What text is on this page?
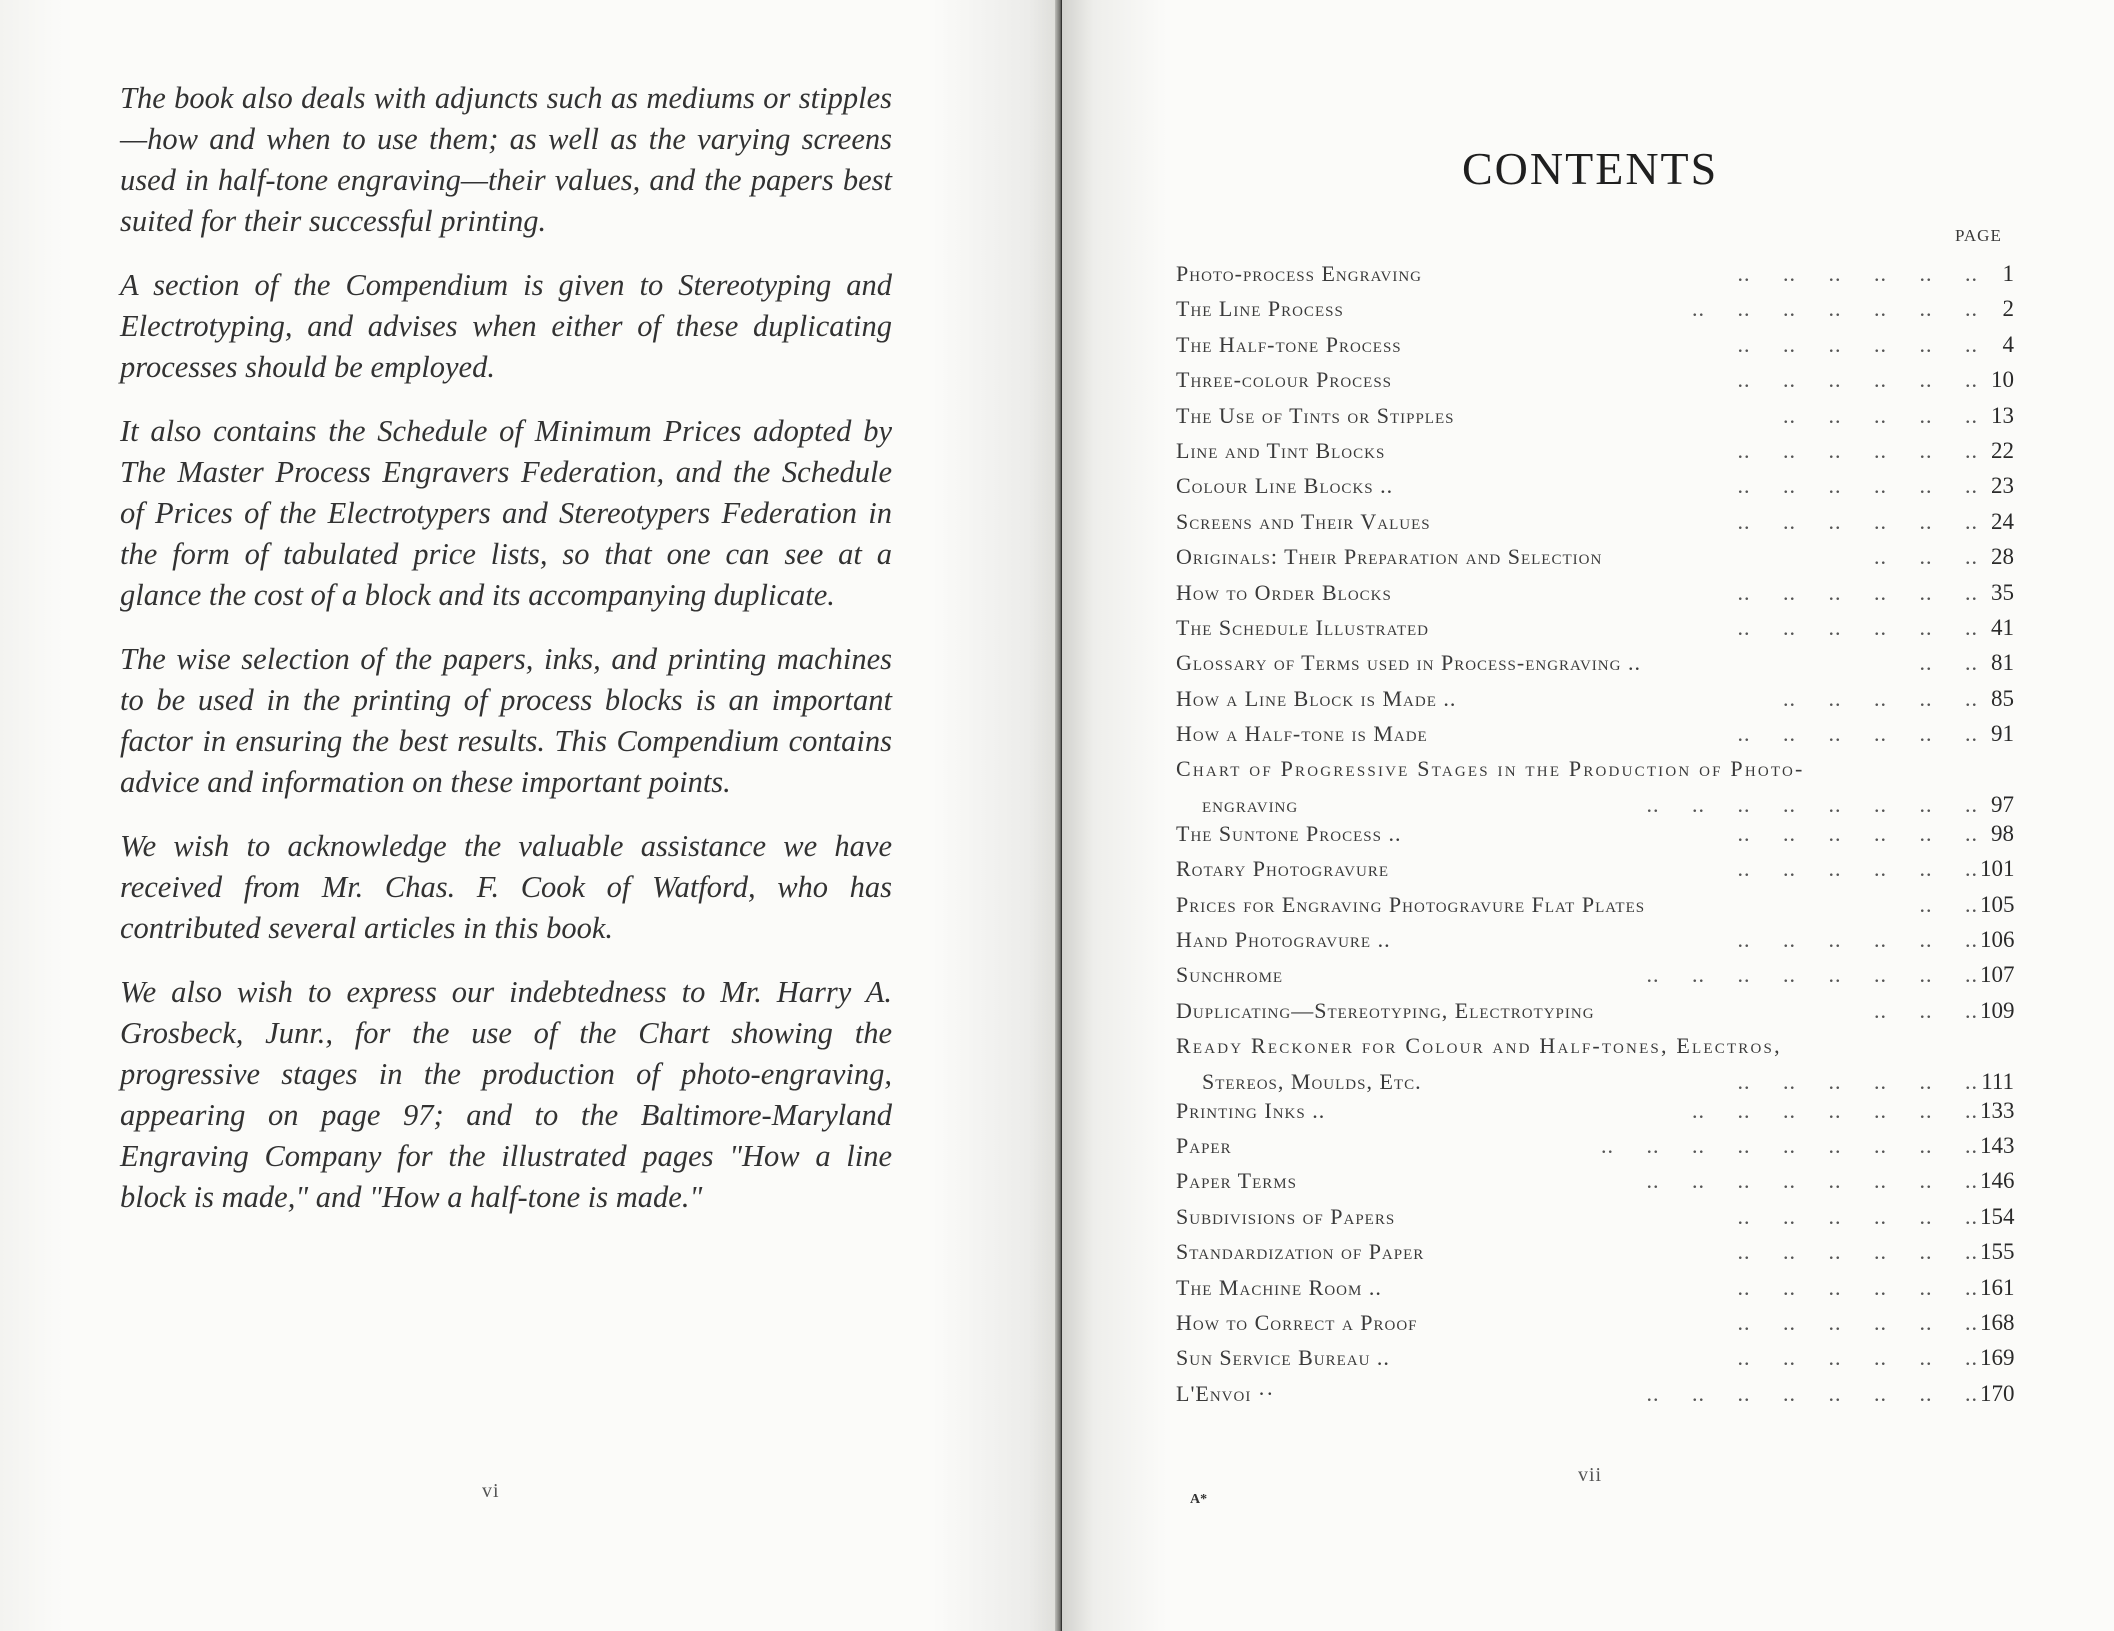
The book also deals with adjuncts such as mediums or stipples—how and when to use them; as well as the varying screens used in half-tone engraving—their values, and the papers best suited for their successful printing.

A section of the Compendium is given to Stereotyping and Electrotyping, and advises when either of these duplicating processes should be employed.

It also contains the Schedule of Minimum Prices adopted by The Master Process Engravers Federation, and the Schedule of Prices of the Electrotypers and Stereotypers Federation in the form of tabulated price lists, so that one can see at a glance the cost of a block and its accompanying duplicate.

The wise selection of the papers, inks, and printing machines to be used in the printing of process blocks is an important factor in ensuring the best results. This Compendium contains advice and information on these important points.

We wish to acknowledge the valuable assistance we have received from Mr. Chas. F. Cook of Watford, who has contributed several articles in this book.

We also wish to express our indebtedness to Mr. Harry A. Grosbeck, Junr., for the use of the Chart showing the progressive stages in the production of photo-engraving, appearing on page 97; and to the Baltimore-Maryland Engraving Company for the illustrated pages "How a line block is made," and "How a half-tone is made."

vi
CONTENTS
PAGE
Photo-process Engraving	..     ..     ..     ..     ..     ..	1
The Line Process	..     ..     ..     ..     ..     ..     ..	2
The Half-tone Process	..     ..     ..     ..     ..     ..	4
Three-colour Process	..     ..     ..     ..     ..     .. 10
The Use of Tints or Stipples	..     ..     ..     ..     .. 13
Line and Tint Blocks	..     ..     ..     ..     ..     .. 22
Colour Line Blocks ..	..     ..     ..     ..     ..     .. 23
Screens and Their Values	..     ..     ..     ..     ..     .. 24
Originals: Their Preparation and Selection	..     ..     .. 28
How to Order Blocks	..     ..     ..     ..     ..     .. 35
The Schedule Illustrated	..     ..     ..     ..     ..     .. 41
Glossary of Terms used in Process-engraving ..	..     .. 81
How a Line Block is Made ..	..     ..     ..     ..     .. 85
How a Half-tone is Made	..     ..     ..     ..     ..     .. 91
Chart of Progressive Stages in the Production of Photo-
engraving	..     ..     ..     ..     ..     ..     ..     .. 97
The Suntone Process ..	..     ..     ..     ..     ..     .. 98
Rotary Photogravure	..     ..     ..     ..     ..     .. 101
Prices for Engraving Photogravure Flat Plates	..     .. 105
Hand Photogravure ..	..     ..     ..     ..     ..     .. 106
Sunchrome	..     ..     ..     ..     ..     ..     ..     .. 107
Duplicating—Stereotyping, Electrotyping	..     ..     .. 109
Ready Reckoner for Colour and Half-tones, Electros,
Stereos, Moulds, Etc.	..     ..     ..     ..     ..     .. 111
Printing Inks ..	..     ..     ..     ..     ..     ..     .. 133
Paper	..     ..     ..     ..     ..     ..     ..     ..     .. 143
Paper Terms	..     ..     ..     ..     ..     ..     ..     .. 146
Subdivisions of Papers	..     ..     ..     ..     ..     .. 154
Standardization of Paper	..     ..     ..     ..     ..     .. 155
The Machine Room ..	..     ..     ..     ..     ..     .. 161
How to Correct a Proof	..     ..     ..     ..     ..     .. 168
Sun Service Bureau ..	..     ..     ..     ..     ..     .. 169
L'Envoi ··	..     ..     ..     ..     ..     ..     ..     .. 170
vii
A*
